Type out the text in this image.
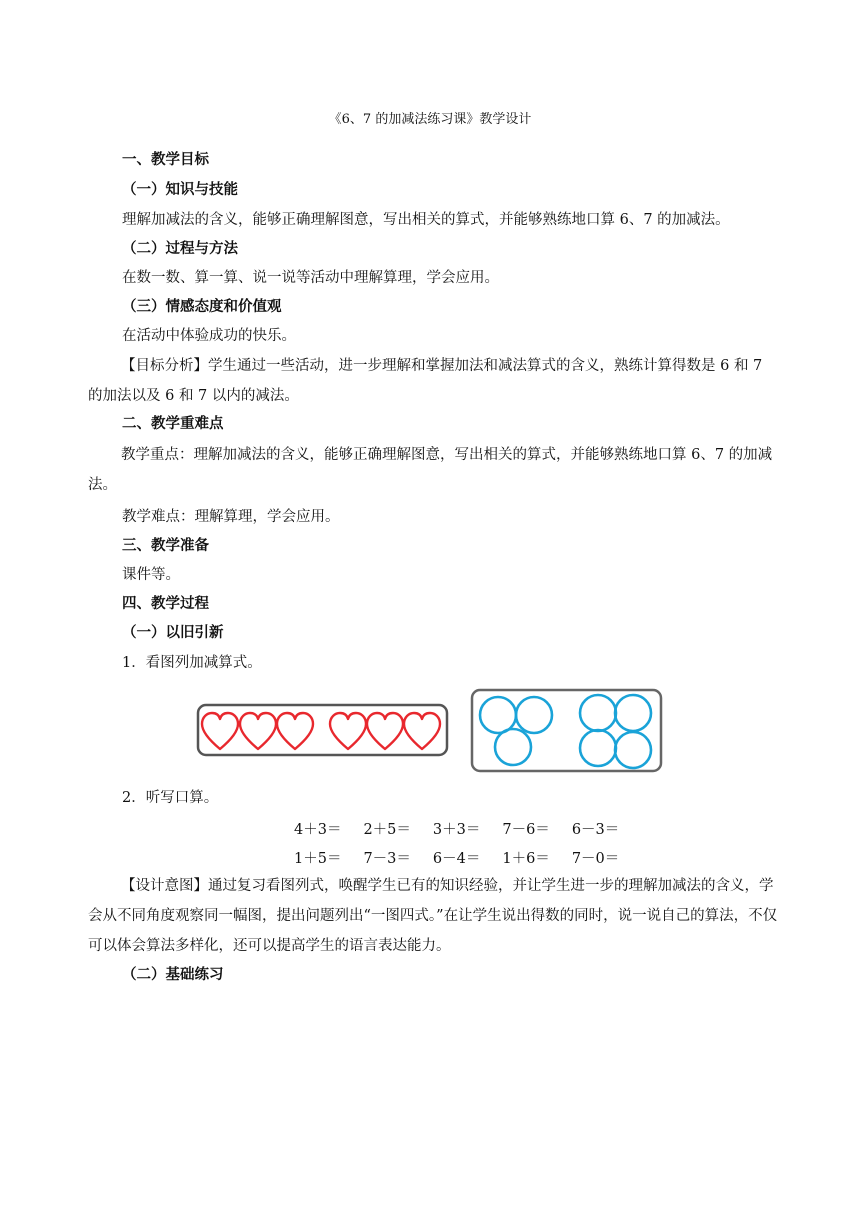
《6、7 的加减法练习课》教学设计
一、教学目标
（一）知识与技能
理解加减法的含义，能够正确理解图意，写出相关的算式，并能够熟练地口算 6、7 的加减法。
（二）过程与方法
在数一数、算一算、说一说等活动中理解算理，学会应用。
（三）情感态度和价值观
在活动中体验成功的快乐。
【目标分析】学生通过一些活动，进一步理解和掌握加法和减法算式的含义，熟练计算得数是 6 和 7 的加法以及 6 和 7 以内的减法。
二、教学重难点
教学重点：理解加减法的含义，能够正确理解图意，写出相关的算式，并能够熟练地口算 6、7 的加减法。
教学难点：理解算理，学会应用。
三、教学准备
课件等。
四、教学过程
（一）以旧引新
1．看图列加减算式。
2．听写口算。
4＋3＝ 2＋5＝ 3＋3＝ 7－6＝ 6－3＝
1＋5＝ 7－3＝ 6－4＝ 1＋6＝ 7－0＝
【设计意图】通过复习看图列式，唤醒学生已有的知识经验，并让学生进一步的理解加减法的含义，学会从不同角度观察同一幅图，提出问题列出“一图四式。”在让学生说出得数的同时，说一说自己的算法，不仅可以体会算法多样化，还可以提高学生的语言表达能力。
（二）基础练习
